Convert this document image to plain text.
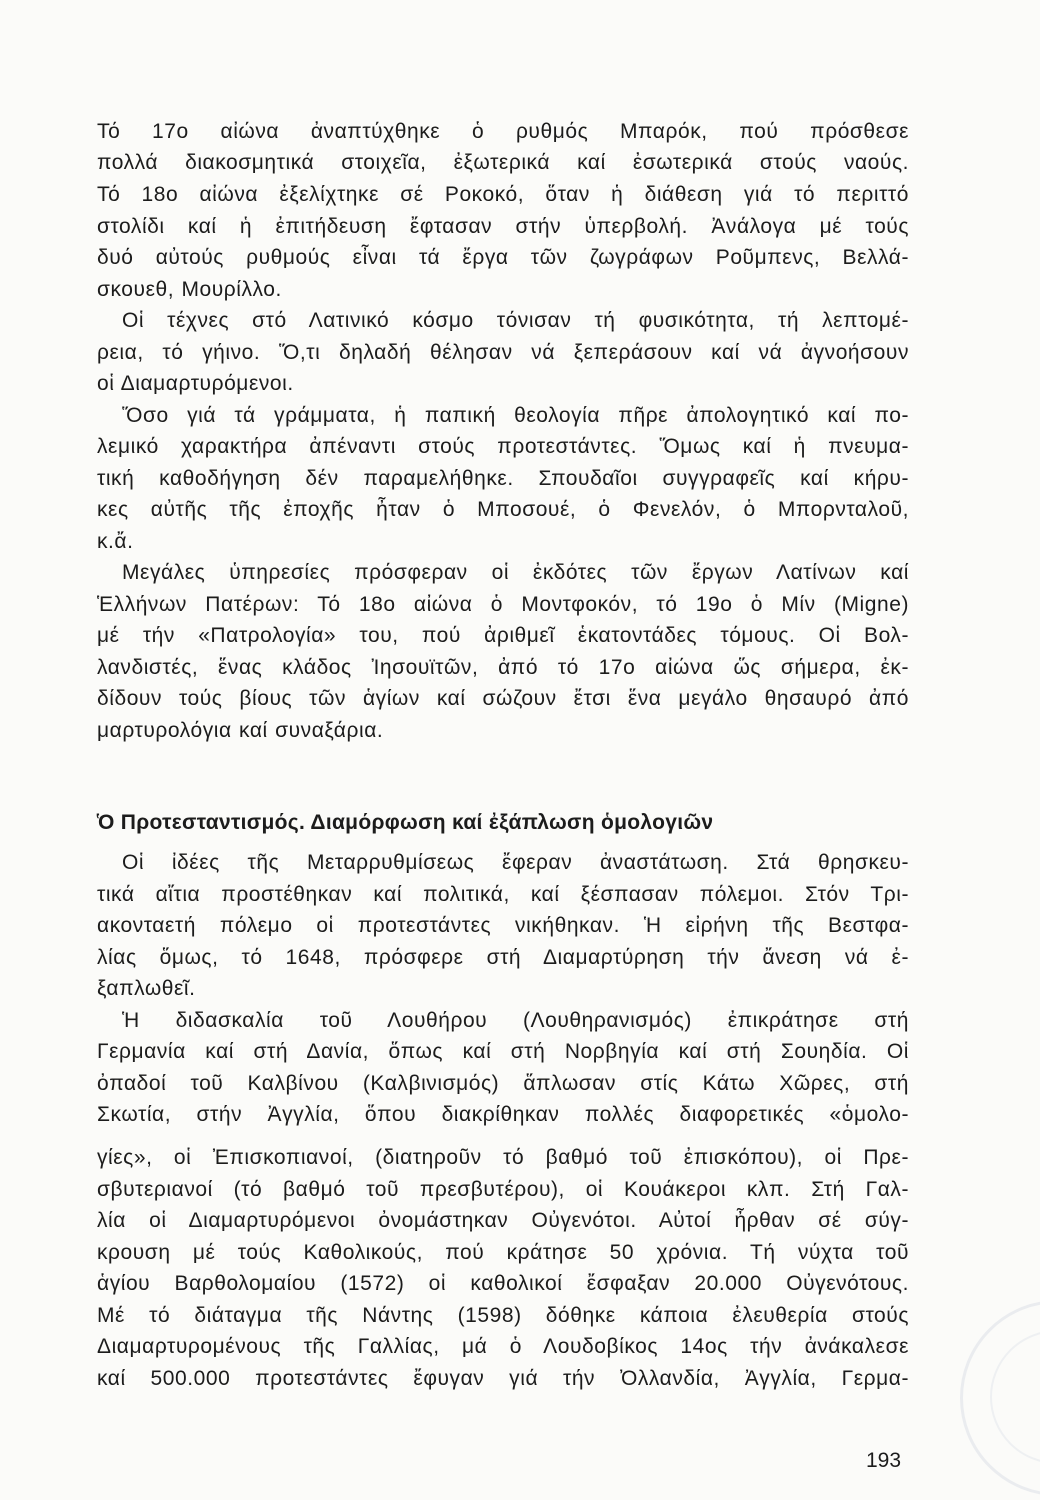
Τό 17ο αἰώνα ἀναπτύχθηκε ὁ ρυθμός Μπαρόκ, πού πρόσθεσε
πολλά διακοσμητικά στοιχεῖα, ἐξωτερικά καί ἐσωτερικά στούς ναούς.
Τό 18ο αἰώνα ἐξελίχτηκε σέ Ροκοκό, ὅταν ἡ διάθεση γιά τό περιττό
στολίδι καί ἡ ἐπιτήδευση ἔφτασαν στήν ὑπερβολή. Ἀνάλογα μέ τούς
δυό αὐτούς ρυθμούς εἶναι τά ἔργα τῶν ζωγράφων Ροῦμπενς, Βελλά-
σκουεθ, Μουρίλλο.
Οἱ τέχνες στό Λατινικό κόσμο τόνισαν τή φυσικότητα, τή λεπτομέ-
ρεια, τό γήινο. Ὅ,τι δηλαδή θέλησαν νά ξεπεράσουν καί νά ἀγνοήσουν
οἱ Διαμαρτυρόμενοι.
Ὅσο γιά τά γράμματα, ἡ παπική θεολογία πῆρε ἀπολογητικό καί πο-
λεμικό χαρακτήρα ἀπέναντι στούς προτεστάντες. Ὅμως καί ἡ πνευμα-
τική καθοδήγηση δέν παραμελήθηκε. Σπουδαῖοι συγγραφεῖς καί κήρυ-
κες αὐτῆς τῆς ἐποχῆς ἦταν ὁ Μποσουέ, ὁ Φενελόν, ὁ Μπορνταλοῦ,
κ.ἄ.
Μεγάλες ὑπηρεσίες πρόσφεραν οἱ ἐκδότες τῶν ἔργων Λατίνων καί
Ἑλλήνων Πατέρων: Τό 18ο αἰώνα ὁ Μοντφοκόν, τό 19ο ὁ Μίν (Migne)
μέ τήν «Πατρολογία» του, πού ἀριθμεῖ ἑκατοντάδες τόμους. Οἱ Βολ-
λανδιστές, ἕνας κλάδος Ἰησουϊτῶν, ἀπό τό 17ο αἰώνα ὥς σήμερα, ἐκ-
δίδουν τούς βίους τῶν ἁγίων καί σώζουν ἔτσι ἕνα μεγάλο θησαυρό ἀπό
μαρτυρολόγια καί συναξάρια.
Ὁ Προτεσταντισμός. Διαμόρφωση καί ἐξάπλωση ὁμολογιῶν
Οἱ ἰδέες τῆς Μεταρρυθμίσεως ἔφεραν ἀναστάτωση. Στά θρησκευ-
τικά αἴτια προστέθηκαν καί πολιτικά, καί ξέσπασαν πόλεμοι. Στόν Τρι-
ακονταετή πόλεμο οἱ προτεστάντες νικήθηκαν. Ἡ εἰρήνη τῆς Βεστφα-
λίας ὅμως, τό 1648, πρόσφερε στή Διαμαρτύρηση τήν ἄνεση νά ἐ-
ξαπλωθεῖ.
Ἡ διδασκαλία τοῦ Λουθήρου (Λουθηρανισμός) ἐπικράτησε στή
Γερμανία καί στή Δανία, ὅπως καί στή Νορβηγία καί στή Σουηδία. Οἱ
ὀπαδοί τοῦ Καλβίνου (Καλβινισμός) ἅπλωσαν στίς Κάτω Χῶρες, στή
Σκωτία, στήν Ἀγγλία, ὅπου διακρίθηκαν πολλές διαφορετικές «ὁμολο-
γίες», οἱ Ἐπισκοπιανοί, (διατηροῦν τό βαθμό τοῦ ἐπισκόπου), οἱ Πρε-
σβυτεριανοί (τό βαθμό τοῦ πρεσβυτέρου), οἱ Κουάκεροι κλπ. Στή Γαλ-
λία οἱ Διαμαρτυρόμενοι ὀνομάστηκαν Οὐγενότοι. Αὐτοί ἦρθαν σέ σύγ-
κρουση μέ τούς Καθολικούς, πού κράτησε 50 χρόνια. Τή νύχτα τοῦ
ἁγίου Βαρθολομαίου (1572) οἱ καθολικοί ἔσφαξαν 20.000 Οὐγενότους.
Μέ τό διάταγμα τῆς Νάντης (1598) δόθηκε κάποια ἐλευθερία στούς
Διαμαρτυρομένους τῆς Γαλλίας, μά ὁ Λουδοβίκος 14ος τήν ἀνάκαλεσε
καί 500.000 προτεστάντες ἔφυγαν γιά τήν Ὀλλανδία, Ἀγγλία, Γερμα-
193
